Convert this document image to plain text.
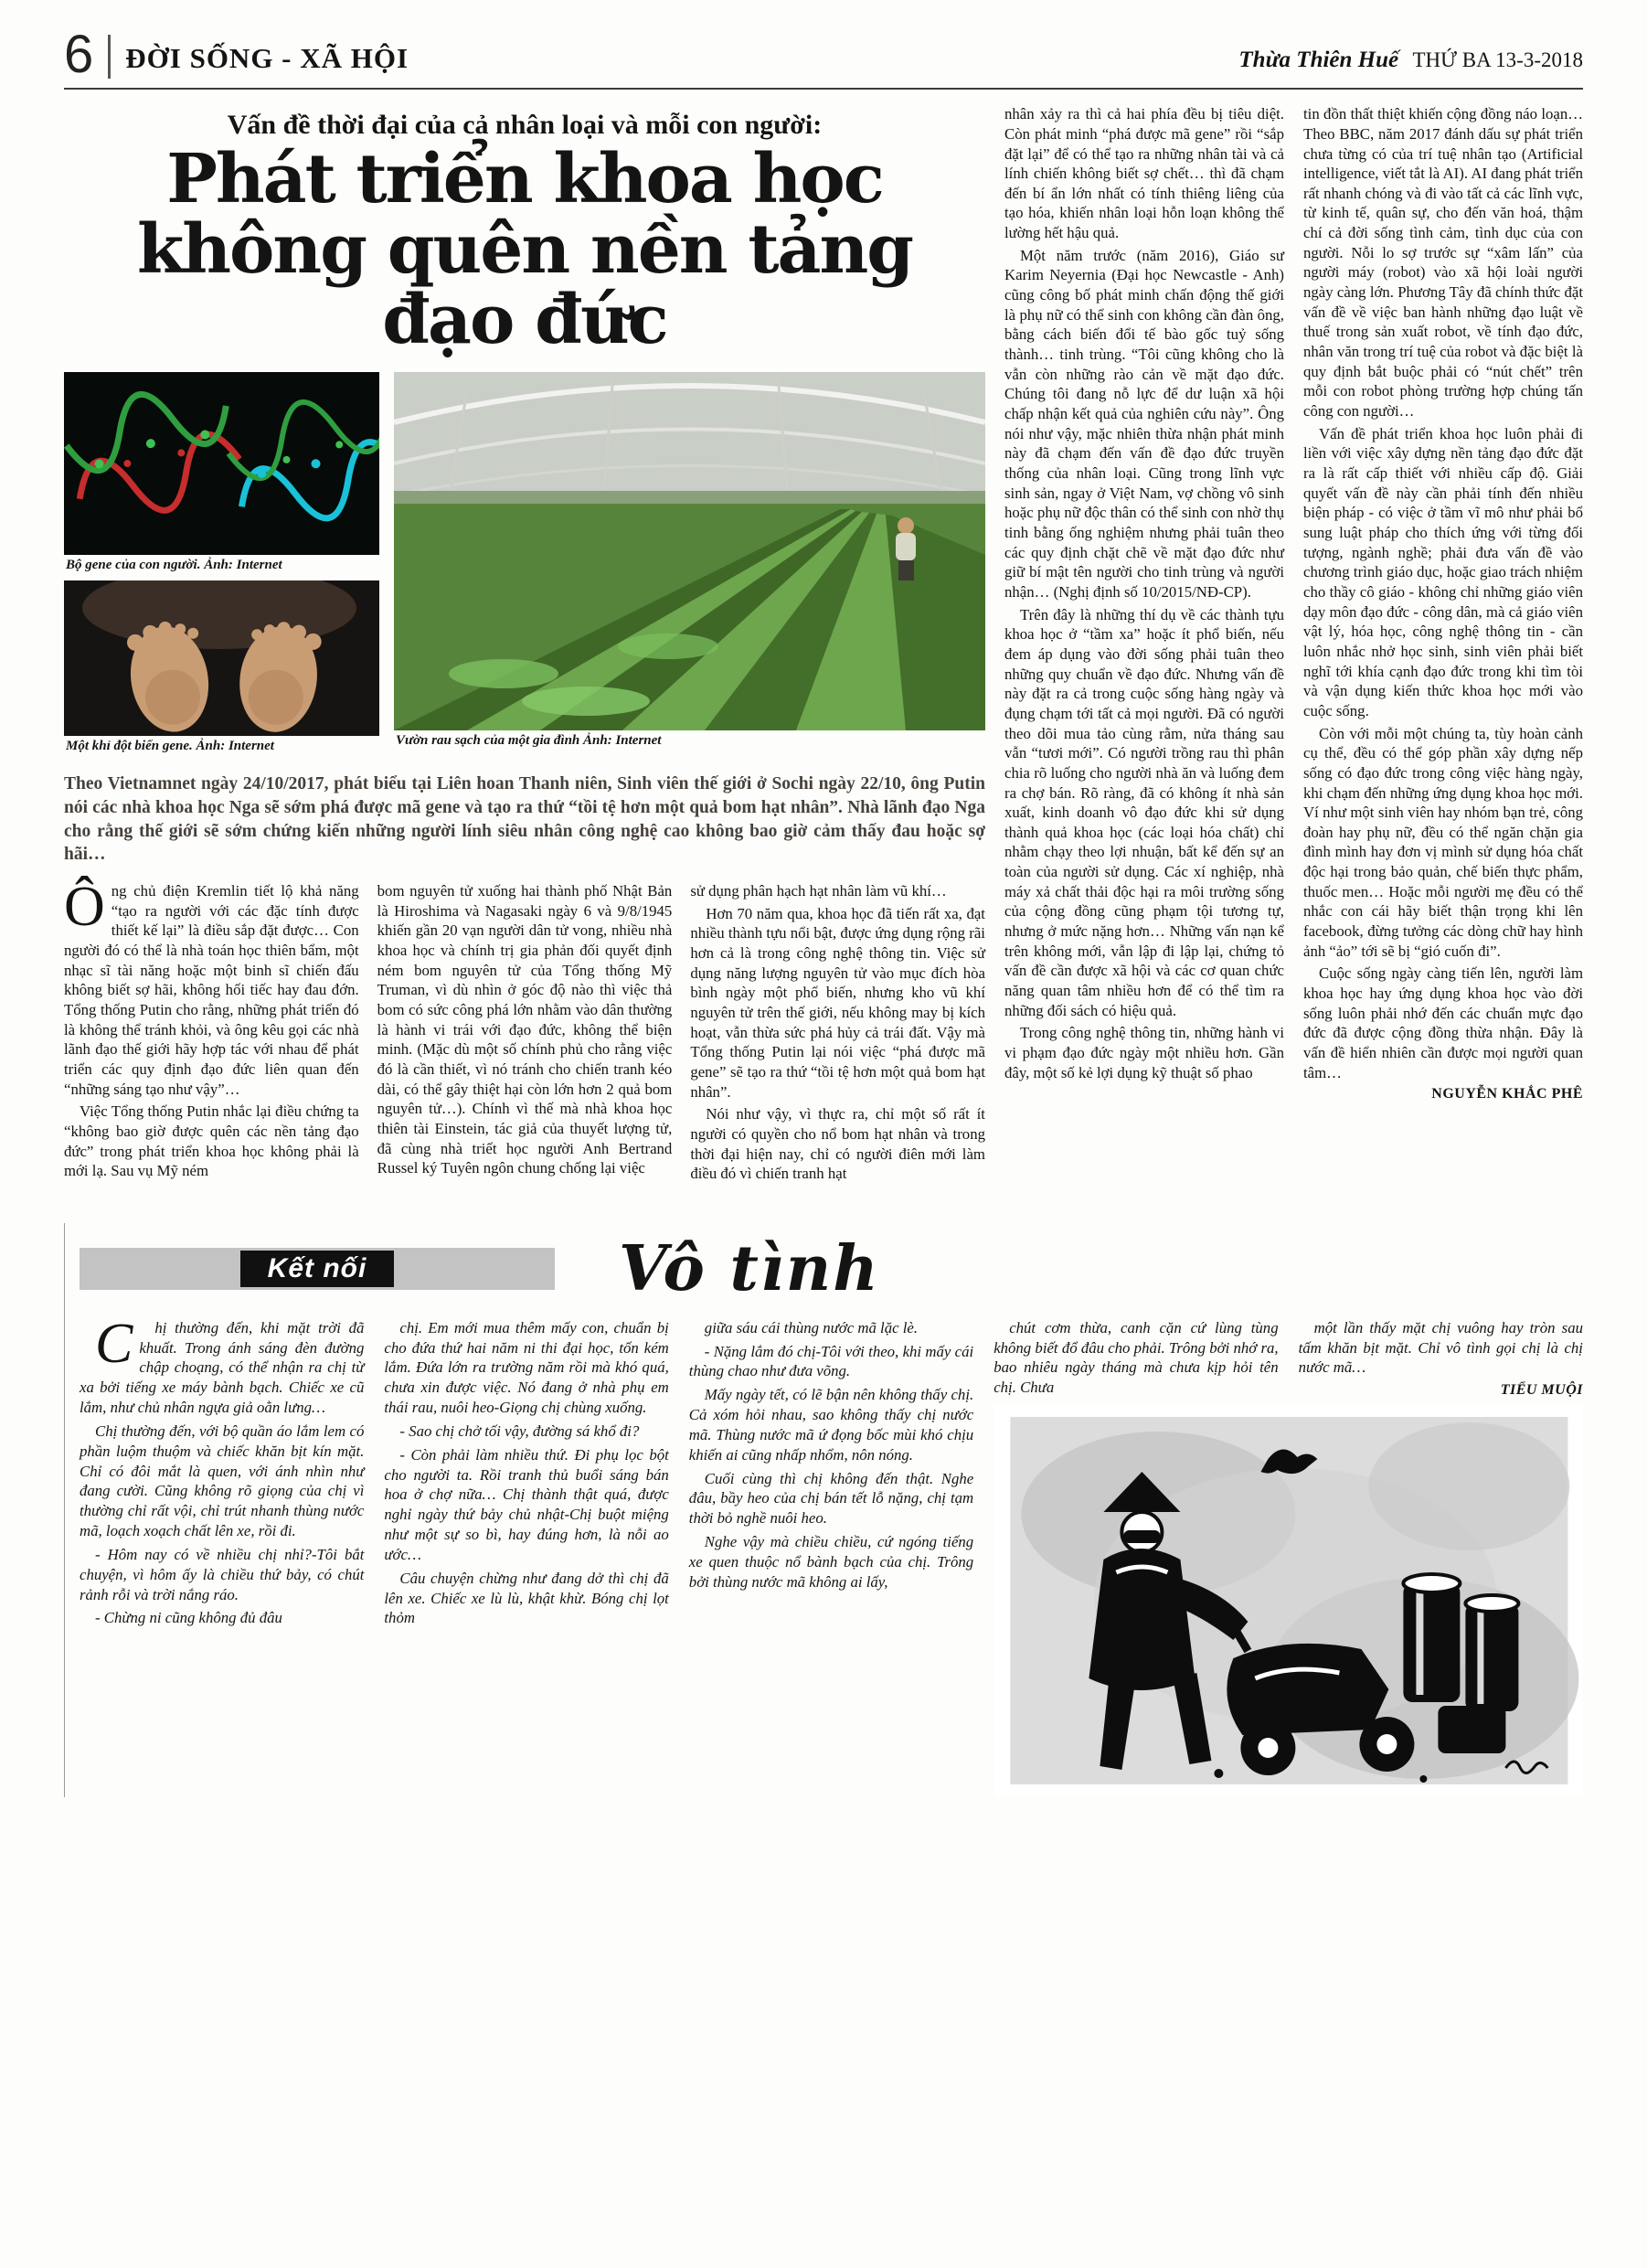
6 ĐỜI SỐNG - XÃ HỘI	Thừa Thiên Huế THỨ BA 13-3-2018
Vấn đề thời đại của cả nhân loại và mỗi con người:
Phát triển khoa học
không quên nền tảng đạo đức
Bộ gene của con người. Ảnh: Internet
Một khỉ đột biến gene. Ảnh: Internet	Vườn rau sạch của một gia đình Ảnh: Internet
Theo Vietnamnet ngày 24/10/2017, phát biểu tại Liên hoan Thanh niên, Sinh viên thế giới ở Sochi ngày 22/10, ông Putin nói các nhà khoa học Nga sẽ sớm phá được mã gene và tạo ra thứ “tồi tệ hơn một quả bom hạt nhân”. Nhà lãnh đạo Nga cho rằng thế giới sẽ sớm chứng kiến những người lính siêu nhân công nghệ cao không bao giờ cảm thấy đau hoặc sợ hãi…

Ông chủ điện Kremlin tiết lộ khả năng “tạo ra người với các đặc tính được thiết kế lại” là điều sắp đặt được… Con người đó có thể là nhà toán học thiên bẩm, một nhạc sĩ tài năng hoặc một binh sĩ chiến đấu không biết sợ hãi, không hối tiếc hay đau đớn. Tổng thống Putin cho rằng, những phát triển đó là không thể tránh khỏi, và ông kêu gọi các nhà lãnh đạo thế giới hãy hợp tác với nhau để phát triển các quy định đạo đức liên quan đến “những sáng tạo như vậy”…

Việc Tổng thống Putin nhắc lại điều chứng ta “không bao giờ được quên các nền tảng đạo đức” trong phát triển khoa học không phải là mới lạ. Sau vụ Mỹ ném

bom nguyên tử xuống hai thành phố Nhật Bản là Hiroshima và Nagasaki ngày 6 và 9/8/1945 khiến gần 20 vạn người dân tử vong, nhiều nhà khoa học và chính trị gia phản đối quyết định ném bom nguyên tử của Tổng thống Mỹ Truman, vì dù nhìn ở góc độ nào thì việc thả bom có sức công phá lớn nhằm vào dân thường là hành vi trái với đạo đức, không thể biện minh. (Mặc dù một số chính phủ cho rằng việc đó là cần thiết, vì nó tránh cho chiến tranh kéo dài, có thể gây thiệt hại còn lớn hơn 2 quả bom nguyên tử…). Chính vì thế mà nhà khoa học thiên tài Einstein, tác giả của thuyết lượng tử, đã cùng nhà triết học người Anh Bertrand Russel ký Tuyên ngôn chung chống lại việc

sử dụng phân hạch hạt nhân làm vũ khí…

Hơn 70 năm qua, khoa học đã tiến rất xa, đạt nhiều thành tựu nổi bật, được ứng dụng rộng rãi hơn cả là trong công nghệ thông tin. Việc sử dụng năng lượng nguyên tử vào mục đích hòa bình ngày một phổ biến, nhưng kho vũ khí nguyên tử trên thế giới, nếu không may bị kích hoạt, vẫn thừa sức phá hủy cả trái đất. Vậy mà Tổng thống Putin lại nói việc “phá được mã gene” sẽ tạo ra thứ “tồi tệ hơn một quả bom hạt nhân”.

Nói như vậy, vì thực ra, chỉ một số rất ít người có quyền cho nổ bom hạt nhân và trong thời đại hiện nay, chỉ có người điên mới làm điều đó vì chiến tranh hạt

nhân xảy ra thì cả hai phía đều bị tiêu diệt. Còn phát minh “phá được mã gene” rồi “sắp đặt lại” để có thể tạo ra những nhân tài và cả lính chiến không biết sợ chết… thì đã chạm đến bí ẩn lớn nhất có tính thiêng liêng của tạo hóa, khiến nhân loại hỗn loạn không thể lường hết hậu quả.

Một năm trước (năm 2016), Giáo sư Karim Neyernia (Đại học Newcastle - Anh) cũng công bố phát minh chấn động thế giới là phụ nữ có thể sinh con không cần đàn ông, bằng cách biến đổi tế bào gốc tuỷ sống thành… tinh trùng. “Tôi cũng không cho là vẫn còn những rào cản về mặt đạo đức. Chúng tôi đang nỗ lực để dư luận xã hội chấp nhận kết quả của nghiên cứu này”. Ông nói như vậy, mặc nhiên thừa nhận phát minh này đã chạm đến vấn đề đạo đức truyền thống của nhân loại. Cũng trong lĩnh vực sinh sản, ngay ở Việt Nam, vợ chồng vô sinh hoặc phụ nữ độc thân có thể sinh con nhờ thụ tinh bằng ống nghiệm nhưng phải tuân theo các quy định chặt chẽ về mặt đạo đức như giữ bí mật tên người cho tinh trùng và người nhận… (Nghị định số 10/2015/NĐ-CP).

Trên đây là những thí dụ về các thành tựu khoa học ở “tầm xa” hoặc ít phổ biến, nếu đem áp dụng vào đời sống phải tuân theo những quy chuẩn về đạo đức. Nhưng vấn đề này đặt ra cả trong cuộc sống hàng ngày và đụng chạm tới tất cả mọi người. Đã có người theo dõi mua tảo cùng rằm, nửa tháng sau vẫn “tươi mới”. Có người trồng rau thì phân chia rõ luống cho người nhà ăn và luống đem ra chợ bán. Rõ ràng, đã có không ít nhà sản xuất, kinh doanh vô đạo đức khi sử dụng thành quả khoa học (các loại hóa chất) chỉ nhằm chạy theo lợi nhuận, bất kể đến sự an toàn của người sử dụng. Các xí nghiệp, nhà máy xả chất thải độc hại ra môi trường sống của cộng đồng cũng phạm tội tương tự, nhưng ở mức nặng hơn… Những vấn nạn kể trên không mới, vẫn lập đi lập lại, chứng tỏ vấn đề cần được xã hội và các cơ quan chức năng quan tâm nhiều hơn để có thể tìm ra những đối sách có hiệu quả.

Trong công nghệ thông tin, những hành vi vi phạm đạo đức ngày một nhiều hơn. Gần đây, một số kẻ lợi dụng kỹ thuật số phao

tin đồn thất thiệt khiến cộng đồng náo loạn… Theo BBC, năm 2017 đánh dấu sự phát triển chưa từng có của trí tuệ nhân tạo (Artificial intelligence, viết tắt là AI). AI đang phát triển rất nhanh chóng và đi vào tất cả các lĩnh vực, từ kinh tế, quân sự, cho đến văn hoá, thậm chí cả đời sống tình cảm, tình dục của con người. Nỗi lo sợ trước sự “xâm lấn” của người máy (robot) vào xã hội loài người ngày càng lớn. Phương Tây đã chính thức đặt vấn đề về việc ban hành những đạo luật về thuế trong sản xuất robot, về tính đạo đức, nhân văn trong trí tuệ của robot và đặc biệt là quy định bắt buộc phải có “nút chết” trên mỗi con robot phòng trường hợp chúng tấn công con người…

Vấn đề phát triển khoa học luôn phải đi liền với việc xây dựng nền tảng đạo đức đặt ra là rất cấp thiết với nhiều cấp độ. Giải quyết vấn đề này cần phải tính đến nhiều biện pháp - có việc ở tầm vĩ mô như phải bổ sung luật pháp cho thích ứng với từng đối tượng, ngành nghề; phải đưa vấn đề vào chương trình giáo dục, hoặc giao trách nhiệm cho thầy cô giáo - không chỉ những giáo viên dạy môn đạo đức - công dân, mà cả giáo viên vật lý, hóa học, công nghệ thông tin - cần luôn nhắc nhở học sinh, sinh viên phải biết nghĩ tới khía cạnh đạo đức trong khi tìm tòi và vận dụng kiến thức khoa học mới vào cuộc sống.

Còn với mỗi một chúng ta, tùy hoàn cảnh cụ thể, đều có thể góp phần xây dựng nếp sống có đạo đức trong công việc hàng ngày, khi chạm đến những ứng dụng khoa học mới. Ví như một sinh viên hay nhóm bạn trẻ, công đoàn hay phụ nữ, đều có thể ngăn chặn gia đình mình hay đơn vị mình sử dụng hóa chất độc hại trong bảo quản, chế biến thực phẩm, thuốc men… Hoặc mỗi người mẹ đều có thể nhắc con cái hãy biết thận trọng khi lên facebook, đừng tưởng các dòng chữ hay hình ảnh “ảo” tới sẽ bị “gió cuốn đi”.

Cuộc sống ngày càng tiến lên, người làm khoa học hay ứng dụng khoa học vào đời sống luôn phải nhớ đến các chuẩn mực đạo đức đã được cộng đồng thừa nhận. Đây là vấn đề hiển nhiên cần được mọi người quan tâm…

NGUYỄN KHẮC PHÊ

Kết nối	Vô tình

C	hị thường đến, khi mặt trời đã khuất. Trong ánh sáng đèn đường chập choạng, có thể nhận ra chị từ xa bởi tiếng xe máy bành bạch. Chiếc xe cũ lắm, như chủ nhân ngựa giả oằn lưng…

Chị thường đến, với bộ quần áo lắm lem có phần luộm thuộm và chiếc khăn bịt kín mặt. Chỉ có đôi mắt là quen, với ánh nhìn như đang cười. Cũng không rõ giọng của chị vì thường chỉ rất vội, chỉ trút nhanh thùng nước mã, loạch xoạch chất lên xe, rồi đi.

- Hôm nay có về nhiều chị nhỉ?-Tôi bắt chuyện, vì hôm ấy là chiều thứ bảy, có chút rảnh rỗi và trời nắng ráo.

- Chừng ni cũng không đủ đâu

chị. Em mới mua thêm mấy con, chuẩn bị cho đứa thứ hai năm ni thi đại học, tốn kém lắm. Đứa lớn ra trường năm rồi mà khó quá, chưa xin được việc. Nó đang ở nhà phụ em thái rau, nuôi heo-Giọng chị chùng xuống.

- Sao chị chở tối vậy, đường sá khổ đi?

- Còn phải làm nhiều thứ. Đi phụ lọc bột cho người ta. Rồi tranh thủ buổi sáng bán hoa ở chợ nữa… Chị thành thật quá, được nghỉ ngày thứ bảy chủ nhật-Chị buột miệng như một sự so bì, hay đúng hơn, là nỗi ao ước…

Câu chuyện chừng như đang dở thì chị đã lên xe. Chiếc xe lù lù, khật khừ. Bóng chị lọt thỏm

giữa sáu cái thùng nước mã lặc lè.

- Nặng lắm đó chị-Tôi với theo, khi mấy cái thùng chao như đưa võng.

Mấy ngày tết, có lẽ bận nên không thấy chị. Cả xóm hỏi nhau, sao không thấy chị nước mã. Thùng nước mã ứ đọng bốc mùi khó chịu khiến ai cũng nhấp nhổm, nôn nóng.

Cuối cùng thì chị không đến thật. Nghe đâu, bầy heo của chị bán tết lỗ nặng, chị tạm thời bỏ nghề nuôi heo.

Nghe vậy mà chiều chiều, cứ ngóng tiếng xe quen thuộc nổ bành bạch của chị. Trông bởi thùng nước mã không ai lấy,

chút cơm thừa, canh cặn cứ lùng tùng không biết đổ đâu cho phải. Trông bởi nhớ ra, bao nhiêu ngày tháng mà chưa kịp hỏi tên chị. Chưa

một lần thấy mặt chị vuông hay tròn sau tấm khăn bịt mặt. Chỉ vô tình gọi chị là chị nước mã…

TIỂU MUỘI
